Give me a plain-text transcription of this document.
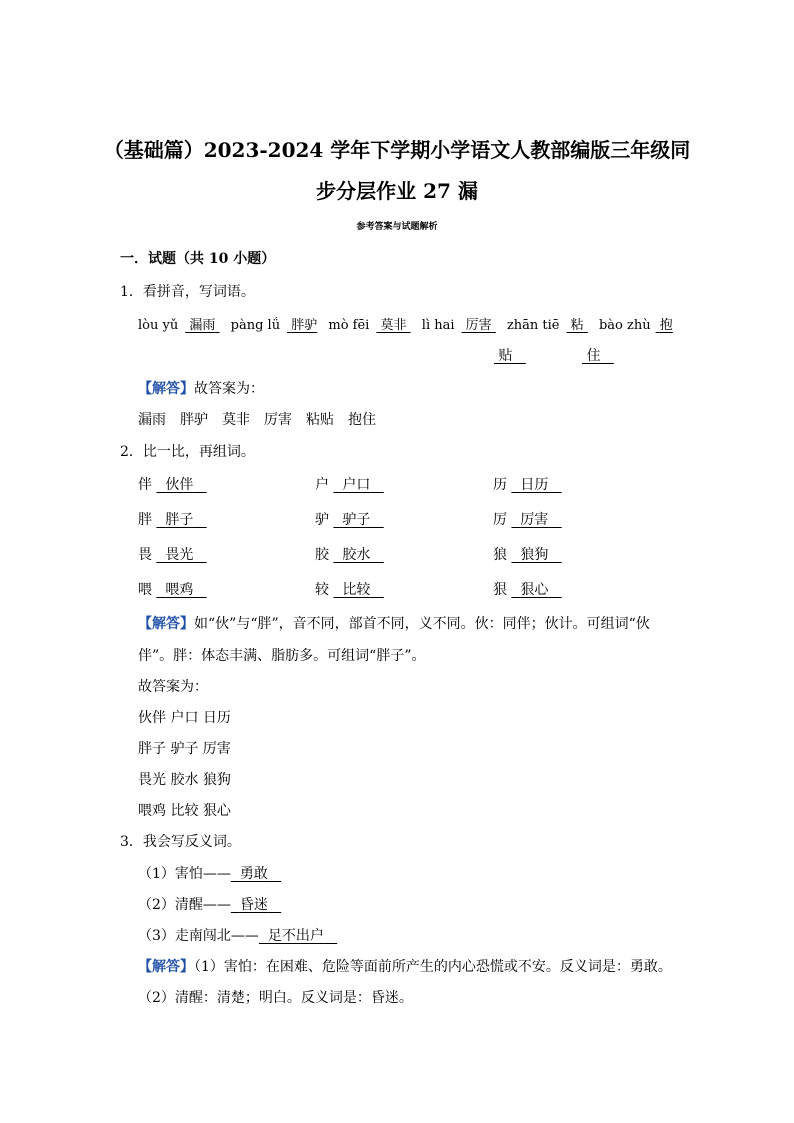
（基础篇）2023-2024 学年下学期小学语文人教部编版三年级同
步分层作业 27 漏
参考答案与试题解析
一．试题（共 10 小题）
1．看拼音，写词语。
lòu yǔ 漏雨 pàng lǘ 胖驴 mò fēi 莫非 lì hai 厉害 zhān tiē 粘 bào zhù 抱
贴	住
【解答】故答案为：
漏雨 胖驴 莫非 厉害 粘贴 抱住
2．比一比，再组词。
伴 伙伴	户 户口	历 日历
胖 胖子	驴 驴子	厉 厉害
畏 畏光	胶 胶水	狼 狼狗
喂 喂鸡	较 比较	狠 狠心
【解答】如“伙”与“胖”，音不同，部首不同，义不同。伙：同伴；伙计。可组词“伙
伴”。胖：体态丰满、脂肪多。可组词“胖子”。
故答案为：
伙伴 户口 日历
胖子 驴子 厉害
畏光 胶水 狼狗
喂鸡 比较 狠心
3．我会写反义词。
（1）害怕—— 勇敢
（2）清醒—— 昏迷
（3）走南闯北—— 足不出户
【解答】（1）害怕：在困难、危险等面前所产生的内心恐慌或不安。反义词是：勇敢。
（2）清醒：清楚；明白。反义词是：昏迷。
